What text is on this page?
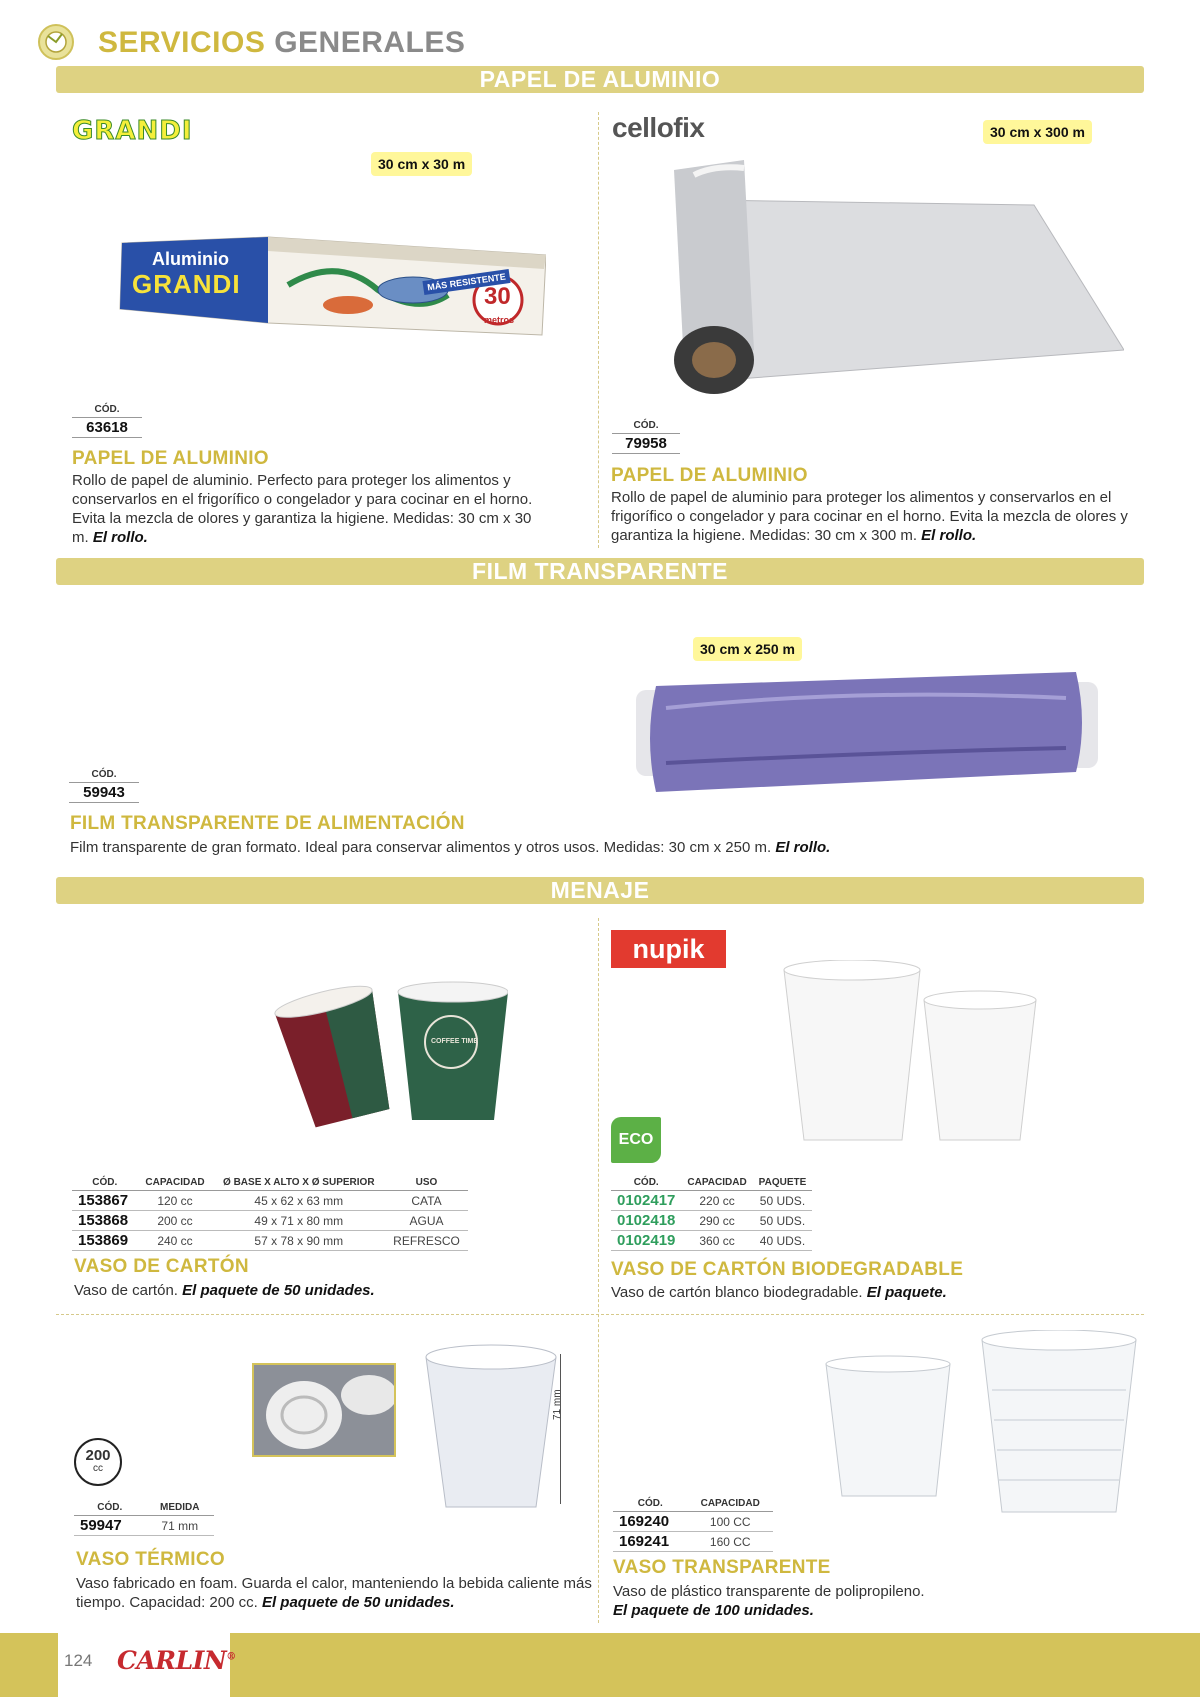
SERVICIOS GENERALES
PAPEL DE ALUMINIO
FILM TRANSPARENTE
MENAJE
GRANDI
30 cm x 30 m
Aluminio
GRANDI	MÁS RESISTENTE
30
metros
CÓD.
63618
PAPEL DE ALUMINIO
Rollo de papel de aluminio. Perfecto para proteger los alimentos y conservarlos en el frigorífico o congelador y para cocinar en el horno. Evita la mezcla de olores y garantiza la higiene. Medidas: 30 cm x 30 m. El rollo.
cellofix	30 cm x 300 m
CÓD.
79958
PAPEL DE ALUMINIO
Rollo de papel de aluminio para proteger los alimentos y conservarlos en el frigorífico o congelador y para cocinar en el horno. Evita la mezcla de olores y garantiza la higiene. Medidas: 30 cm x 300 m. El rollo.
30 cm x 250 m
CÓD.
59943
FILM TRANSPARENTE DE ALIMENTACIÓN
Film transparente de gran formato. Ideal para conservar alimentos y otros usos. Medidas: 30 cm x 250 m. El rollo.
COFFEE TIME
CÓD.	CAPACIDAD	Ø BASE X ALTO X Ø SUPERIOR	USO
153867	120 cc	45 x 62 x 63 mm	CATA
153868	200 cc	49 x 71 x 80 mm	AGUA
153869	240 cc	57 x 78 x 90 mm	REFRESCO
VASO DE CARTÓN
Vaso de cartón. El paquete de 50 unidades.
nupik
ECO
CÓD.	CAPACIDAD	PAQUETE
0102417	220 cc	50 UDS.
0102418	290 cc	50 UDS.
0102419	360 cc	40 UDS.
VASO DE CARTÓN BIODEGRADABLE
Vaso de cartón blanco biodegradable. El paquete.
71 mm
200
cc
CÓD.	MEDIDA
59947	71 mm
VASO TÉRMICO
Vaso fabricado en foam. Guarda el calor, manteniendo la bebida caliente más tiempo. Capacidad: 200 cc. El paquete de 50 unidades.
CÓD.	CAPACIDAD
169240	100 CC
169241	160 CC
VASO TRANSPARENTE
Vaso de plástico transparente de polipropileno.
El paquete de 100 unidades.
124 CARLIN®
